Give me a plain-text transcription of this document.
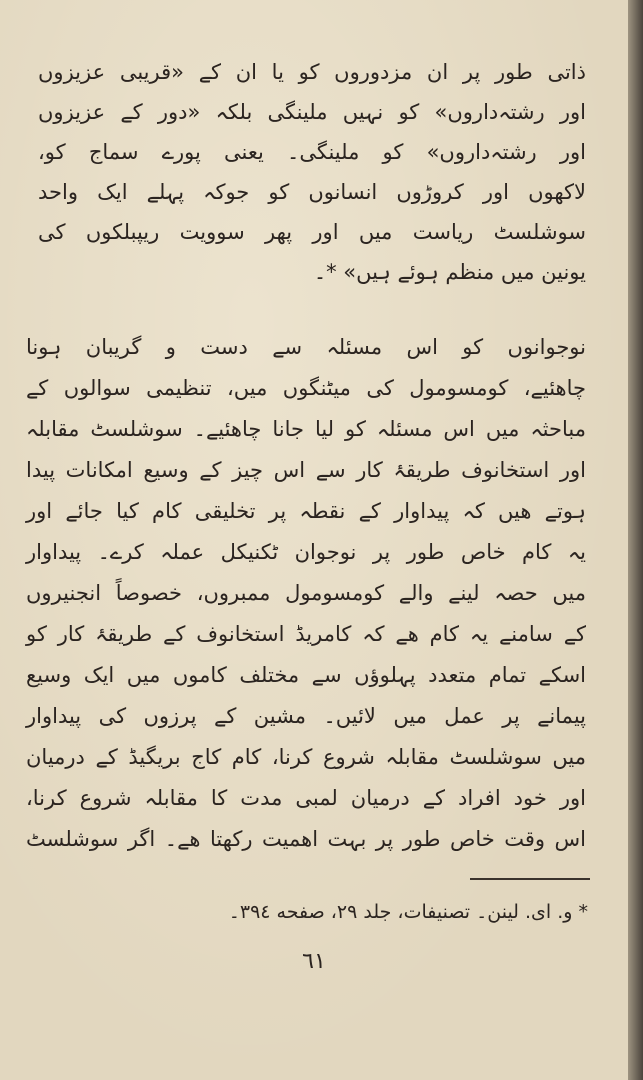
ذاتی طور پر ان مزدوروں کو یا ان کے «قریبی عزیزوں
اور رشتہ‌داروں» کو نہیں ملینگی بلکہ «دور کے عزیزوں
اور رشتہ‌داروں» کو ملینگی۔ یعنی پورے سماج کو،
لاکھوں اور کروڑوں انسانوں کو جوکہ پہلے ایک واحد
سوشلسٹ ریاست میں اور پھر سوویت ریپبلکوں کی
یونین میں منظم ہوئے ہیں» *۔
نوجوانوں کو اس مسئلہ سے دست و گریبان ہونا
چاھئیے، کومسومول کی میٹنگوں میں، تنظیمی سوالوں کے
مباحثہ میں اس مسئلہ کو لیا جانا چاھئیے۔ سوشلسٹ مقابلہ
اور استخانوف طریقۂ کار سے اس چیز کے وسیع امکانات پیدا
ہوتے ھیں کہ پیداوار کے نقطہ پر تخلیقی کام کیا جائے اور
یہ کام خاص طور پر نوجوان ٹکنیکل عملہ کرے۔ پیداوار
میں حصہ لینے والے کومسومول ممبروں، خصوصاً انجنیروں
کے سامنے یہ کام ھے کہ کامریڈ استخانوف کے طریقۂ کار کو
اسکے تمام متعدد پہلوؤں سے مختلف کاموں میں ایک وسیع
پیمانے پر عمل میں لائیں۔ مشین کے پرزوں کی پیداوار
میں سوشلسٹ مقابلہ شروع کرنا، کام کاج بریگیڈ کے درمیان
اور خود افراد کے درمیان لمبی مدت کا مقابلہ شروع کرنا،
اس وقت خاص طور پر بہت اھمیت رکھتا ھے۔ اگر سوشلسٹ
* و. ای. لینن۔ تصنیفات، جلد ۲۹، صفحه ۳۹٤۔
٦١
